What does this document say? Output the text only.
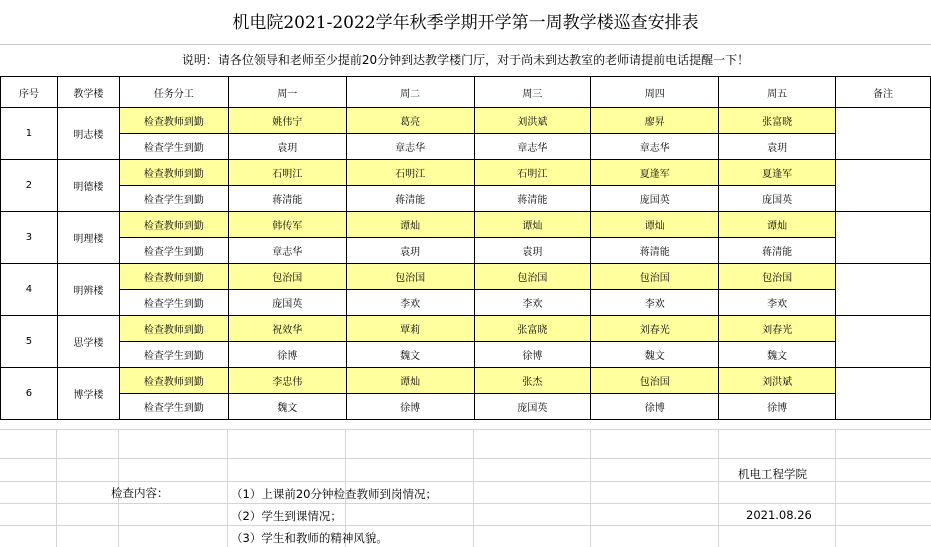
机电院2021-2022学年秋季学期开学第一周教学楼巡查安排表
说明：请各位领导和老师至少提前20分钟到达教学楼门厅，对于尚未到达教室的老师请提前电话提醒一下！
序号	教学楼	任务分工	周一	周二	周三	周四	周五	备注
1	明志楼	检查教师到勤	姚伟宁	葛亮	刘洪斌	廖昇	张富晓	
		检查学生到勤	袁玥	章志华	章志华	章志华	袁玥	
2	明德楼	检查教师到勤	石明江	石明江	石明江	夏逢军	夏逢军	
		检查学生到勤	蒋清能	蒋清能	蒋清能	庞国英	庞国英	
3	明理楼	检查教师到勤	韩传军	谭灿	谭灿	谭灿	谭灿	
		检查学生到勤	章志华	袁玥	袁玥	蒋清能	蒋清能	
4	明辨楼	检查教师到勤	包治国	包治国	包治国	包治国	包治国	
		检查学生到勤	庞国英	李欢	李欢	李欢	李欢	
5	思学楼	检查教师到勤	祝效华	覃莉	张富晓	刘春光	刘春光	
		检查学生到勤	徐博	魏文	徐博	魏文	魏文	
6	博学楼	检查教师到勤	李忠伟	谭灿	张杰	包治国	刘洪斌	
		检查学生到勤	魏文	徐博	庞国英	徐博	徐博	
机电工程学院
检查内容：	（1）上课前20分钟检查教师到岗情况；
（2）学生到课情况；	2021.08.26
（3）学生和教师的精神风貌。
